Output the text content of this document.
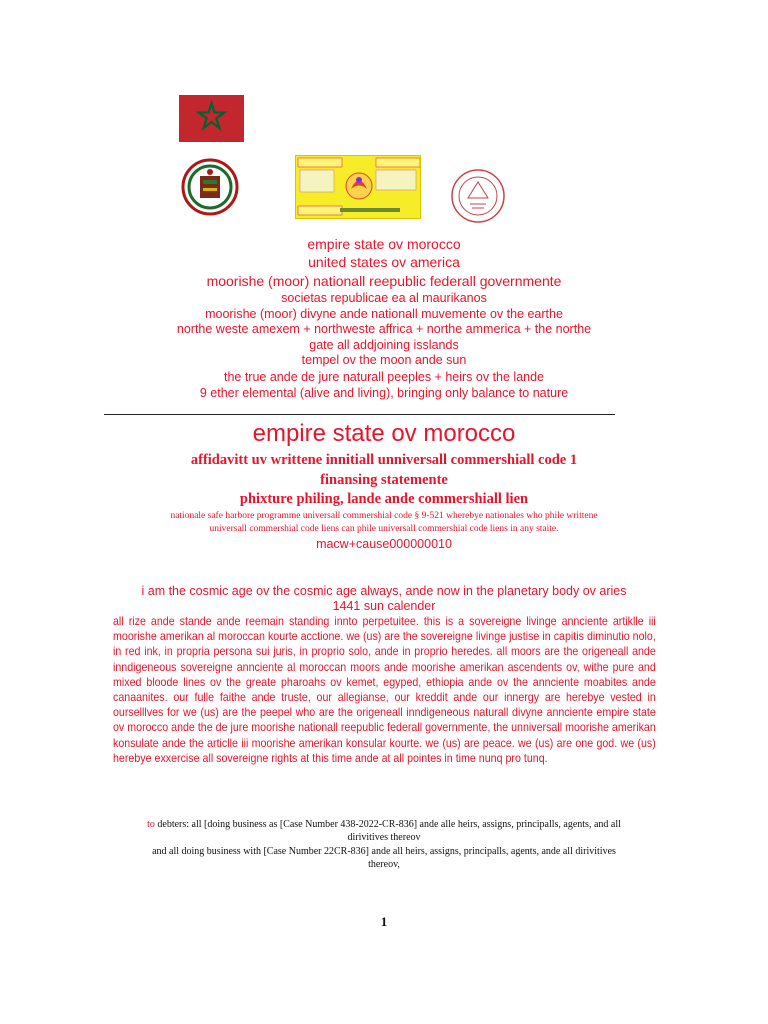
empire state ov morocco
united states ov america
moorishe (moor) nationall reepublic federall governmente
societas republicae ea al maurikanos
moorishe (moor) divyne ande nationall muvemente ov the earthe
northe weste amexem + northweste affrica + northe ammerica + the northe
gate all addjoining isslands
tempel ov the moon ande sun
the true ande de jure naturall peeples + heirs ov the lande
9 ether elemental (alive and living), bringing only balance to nature
empire state ov morocco
affidavitt uv writtene innitiall unniversall commershiall code 1
finansing statemente
phixture philing, lande ande commershiall lien
nationale safe harbore programme universall commershial code § 9-521 wherebye nationales who phile writtene
universall commershial code liens can phile universall commershial code liens in any staite.
macw+cause000000010
i am the cosmic age ov the cosmic age always, ande now in the planetary body ov aries
1441 sun calender
all rize ande stande ande reemain standing innto perpetuitee. this is a sovereigne livinge annciente artiklle iii moorishe amerikan al moroccan kourte acctione. we (us) are the sovereigne livinge justise in capitis diminutio nolo, in red ink, in propria persona sui juris, in proprio solo, ande in proprio heredes. all moors are the origeneall ande inndigeneous sovereigne annciente al moroccan moors ande moorishe amerikan ascendents ov, withe pure and mixed bloode lines ov the greate pharoahs ov kemet, egyped, ethiopia ande ov the annciente moabites ande canaanites. our fulle faithe ande truste, our allegianse, our kreddit ande our innergy are herebye vested in ourselllves for we (us) are the peepel who are the origeneall inndigeneous naturall divyne annciente empire state ov morocco ande the de jure moorishe nationall reepublic federall governmente, the unniversall moorishe amerikan konsulate ande the articlle iii moorishe amerikan konsular kourte. we (us) are peace. we (us) are one god. we (us) herebye exxercise all sovereigne rights at this time ande at all pointes in time nunq pro tunq.
to debters: all [doing business as [Case Number 438-2022-CR-836] ande alle heirs, assigns, principalls, agents, and all
dirivitives thereov
and all doing business with [Case Number 22CR-836] ande all heirs, assigns, principalls, agents, ande all dirivitives
thereov,
1
